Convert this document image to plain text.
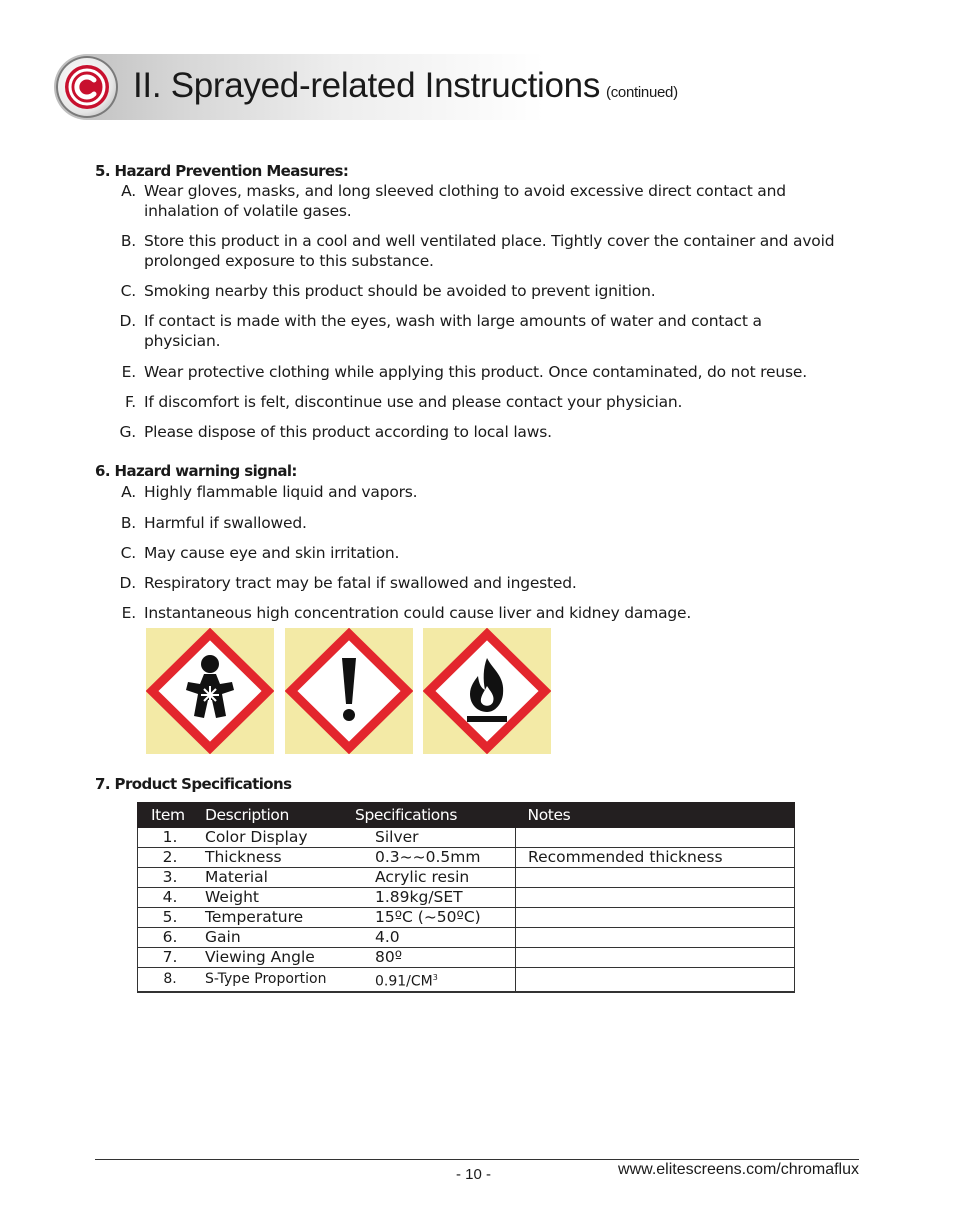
II. Sprayed-related Instructions (continued)
5. Hazard Prevention Measures:
A. Wear gloves, masks, and long sleeved clothing to avoid excessive direct contact and inhalation of volatile gases.
B. Store this product in a cool and well ventilated place. Tightly cover the container and avoid prolonged exposure to this substance.
C. Smoking nearby this product should be avoided to prevent ignition.
D. If contact is made with the eyes, wash with large amounts of water and contact a physician.
E. Wear protective clothing while applying this product. Once contaminated, do not reuse.
F. If discomfort is felt, discontinue use and please contact your physician.
G. Please dispose of this product according to local laws.
6. Hazard warning signal:
A. Highly flammable liquid and vapors.
B. Harmful if swallowed.
C. May cause eye and skin irritation.
D. Respiratory tract may be fatal if swallowed and ingested.
E. Instantaneous high concentration could cause liver and kidney damage.
7. Product Specifications
Item	Description	Specifications	Notes
1.	Color Display	Silver	
2.	Thickness	0.3~~0.5mm	Recommended thickness
3.	Material	Acrylic resin	
4.	Weight	1.89kg/SET	
5.	Temperature	15ºC (~50ºC)	
6.	Gain	4.0	
7.	Viewing Angle	80º	
8.	S-Type Proportion	$0.91/CM^3$	
- 10 -	www.elitescreens.com/chromaflux
